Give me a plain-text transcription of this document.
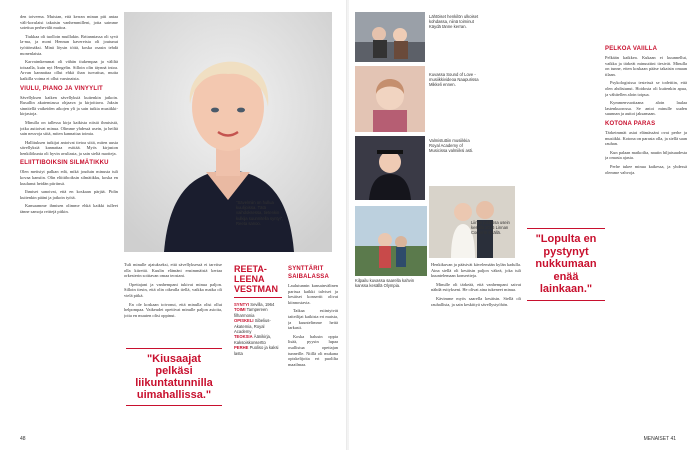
den toiveena. Muistan, että kerran minun piti antaa väli-korulaisi takaisin vanhemmilleni, jotta saimme sotettua perhevälit maitoa.

Tiukkaa oli tuolloin muillakin. Britanniassa oli syvä la-ma, ja moni Hennun kavereista oli joutunut työttömäksi. Minä löysin töitä, koska osasin tehdä monenlaista.

Karvaimkemmat oli vähän tiukempaa ja väliltä toisaalla, kuin nyt Hengelin. Silloin olin täynnä intoa. Arvan kannattaa ollut ehkä ihan turvattua, mutta kaikilla voima ei ollut varsinaista.

VIULU, PIANO JA VINYYLIT

Sävellyksen kaiken sävellyksiä kuitenkin jatkoin. Rusallin akatemiassa ohjaava ja kirjoittava. Jaksin sinnitellä vaikeiden aikojen yli ja sain tutkia musiikki-kirjastoja.

Minulla on tallessa kirja kaikista niistä ihmisistä, jotka auttoivat minua. Olimme yhdessä usein, ja heiltä sain neuvoja siitä, miten kannattaa toimia.

Hallituksen tutkijat antoivat tietoa siitä, miten uusia sävellyksiä kannattaa esittää. Myös kirjaston henkilökunta oli hyvin avuliasta, ja sain sieltä nuotteja.

ELIITTIBOIKSIN SILMÄTIKKU

Olen meitsiyt palkan edä, mikä jouduin minusta tuli kovaa kansiin. Olin eliittiboiksin silmätikku, koska en kuulunut heidän piiriinsä.

Ihmiset sanoivat, että en koskaan pärjää. Pidin kuitenkin pääni ja jatkoin työtä.

Kansaamme ihmisen olimme ehkä kaikki tulleet tänne samoja reittejä pitkin.

"Sävelmiin on hullua kuulijoissa. Tätä vaihdoksessa, tietenkin kulkija suunnitella syntyi", Reeta sanoo.

Tuli minulle ajatukseksi, että sävellyksessä ei tarvitse olla kiirettä. Kuulin elämäni ensimmäistä kertaa orkesterin soittavan omaa teostani.

Opettajani ja vanhempani tukivat minua paljon. Silloin tiesin, että olin oikealla tiellä, vaikka matka oli vielä pitkä.

En ole koskaan toivonut, että minulla olisi ollut helpompaa. Vaikeudet opettivat minulle paljon asioita, joita en muuten olisi oppinut.

"Kiusaajat pelkäsi liikuntatunnilla uimahallissa."
REETA-LEENA
VESTMAN
SYNTYI Sevilla, 1964
TOIMI Tampereen filharmonia
OPISKELI Sibelius-Akatemia, Royal Academy
TEOKSIA Äänikirja, Kaksoiskonsertto
PERHE Puoliso ja kaksi lasta
SYNTTÄRIT SAIBALASSA

Laulutunnin kansainvälinen parissa kaikki talviset ja kesäiset konsertit olivat kiinnostavia.

Taikaa esiintyivät taiteilijat kaikista eri maista, ja kuuntelimme heitä tarkasti.

Koska halusin oppia lisää, pyysin lupaa osallistua opettajan tunneille. Niillä oli mukana opiskelijoita eri puolilta maailmaa.

48
Lähtöiset henkilön ulkoiset kohdassa, niinä toiminut Käydä tänne kerran.
Kuvassa Sound of Love -musiikkivideoa Naapurissa Mikkeli ennen.
Valmistuttiin musiikkia Royal Academy of Musicissa valmiiksi asti.
Liinan juhlassa usein kesällä 2016 Linnan Cornerin sisällä.
Kilpailu kuvassa saarella kahvin kanssa kesällä Olympia.

Henkikuvan ja pääsivät kävelemään kylän kadulla. Aina siellä oli kesäisin paljon väkeä, joka tuli kuuntelemaan konsertteja.

Minulle oli tärkeää, että vanhempani saivat nähdä esitykseni. He olivat aina tukeneet minua.

Kävimme myös saarella kesäisin. Siellä oli rauhallista, ja sain keskittyä sävellystyöhön.

"Lopulta en pystynyt nukkumaan enää lainkaan."
PELKOA VAIILLA

Pelkään kaikkea. Kukaan ei kuunnellut, vaikka ja tärkeät minuuttini tiesivät. Minulla on tunne, etten koskaan pääse takaisin omaan tilaan.

Psykologisissa testeissä se todettiin, että olen ahdistunut. Hoidosta oli kuitenkin apua, ja vähitellen aloin toipua.

Kymmenvuotiaana aloin laulaa lastenkuorossa. Se antoi minulle uuden suunnan ja auttoi jaksamaan.

KOTONA PARAS

Tärkeimmät asiat elämässäni ovat perhe ja musiikki. Kotona on parasta olla, ja siellä saan rauhan.

Kun palaan matkoilta, nautin hiljaisuudesta ja omasta ajasta.

Perhe tukee minua kaikessa, ja yhdessä olemme vahvoja.

MENAISET 41
